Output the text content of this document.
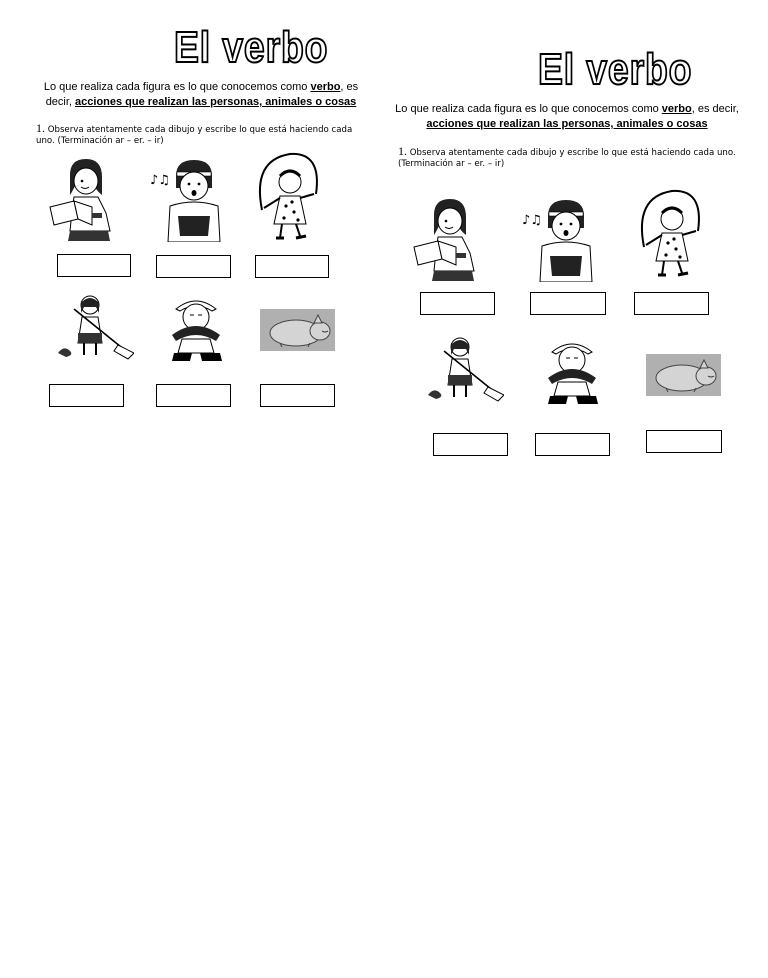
El verbo
Lo que realiza cada figura es lo que conocemos como verbo, es decir, acciones que realizan las personas, animales o cosas
1. Observa atentamente cada dibujo y escribe lo que está haciendo cada uno. (Terminación ar – er. – ir)
♪♫
El verbo
Lo que realiza cada figura es lo que conocemos como verbo, es decir, acciones que realizan las personas, animales o cosas
1. Observa atentamente cada dibujo y escribe lo que está haciendo cada uno. (Terminación ar – er. – ir)
♪♫
